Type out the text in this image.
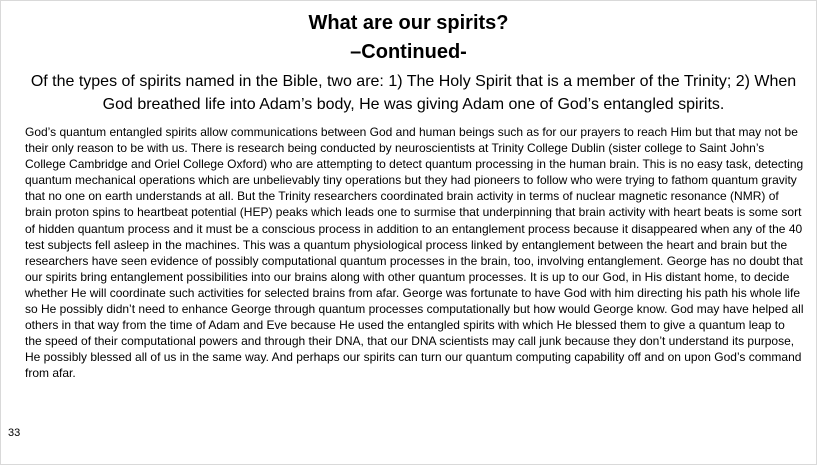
What are our spirits?
–Continued-
Of the types of spirits named in the Bible, two are: 1) The Holy Spirit that is a member of the Trinity; 2) When God breathed life into Adam’s body, He was giving Adam one of God’s entangled spirits.
God’s quantum entangled spirits allow communications between God and human beings such as for our prayers to reach Him but that may not be their only reason to be with us. There is research being conducted by neuroscientists at Trinity College Dublin (sister college to Saint John’s College Cambridge and Oriel College Oxford) who are attempting to detect quantum processing in the human brain. This is no easy task, detecting quantum mechanical operations which are unbelievably tiny operations but they had pioneers to follow who were trying to fathom quantum gravity that no one on earth understands at all. But the Trinity researchers coordinated brain activity in terms of nuclear magnetic resonance (NMR) of brain proton spins to heartbeat potential (HEP) peaks which leads one to surmise that underpinning that brain activity with heart beats is some sort of hidden quantum process and it must be a conscious process in addition to an entanglement process because it disappeared when any of the 40 test subjects fell asleep in the machines. This was a quantum physiological process linked by entanglement between the heart and brain but the researchers have seen evidence of possibly computational quantum processes in the brain, too, involving entanglement. George has no doubt that our spirits bring entanglement possibilities into our brains along with other quantum processes. It is up to our God, in His distant home, to decide whether He will coordinate such activities for selected brains from afar. George was fortunate to have God with him directing his path his whole life so He possibly didn’t need to enhance George through quantum processes computationally but how would George know. God may have helped all others in that way from the time of Adam and Eve because He used the entangled spirits with which He blessed them to give a quantum leap to the speed of their computational powers and through their DNA, that our DNA scientists may call junk because they don’t understand its purpose, He possibly blessed all of us in the same way. And perhaps our spirits can turn our quantum computing capability off and on upon God’s command from afar.
33
